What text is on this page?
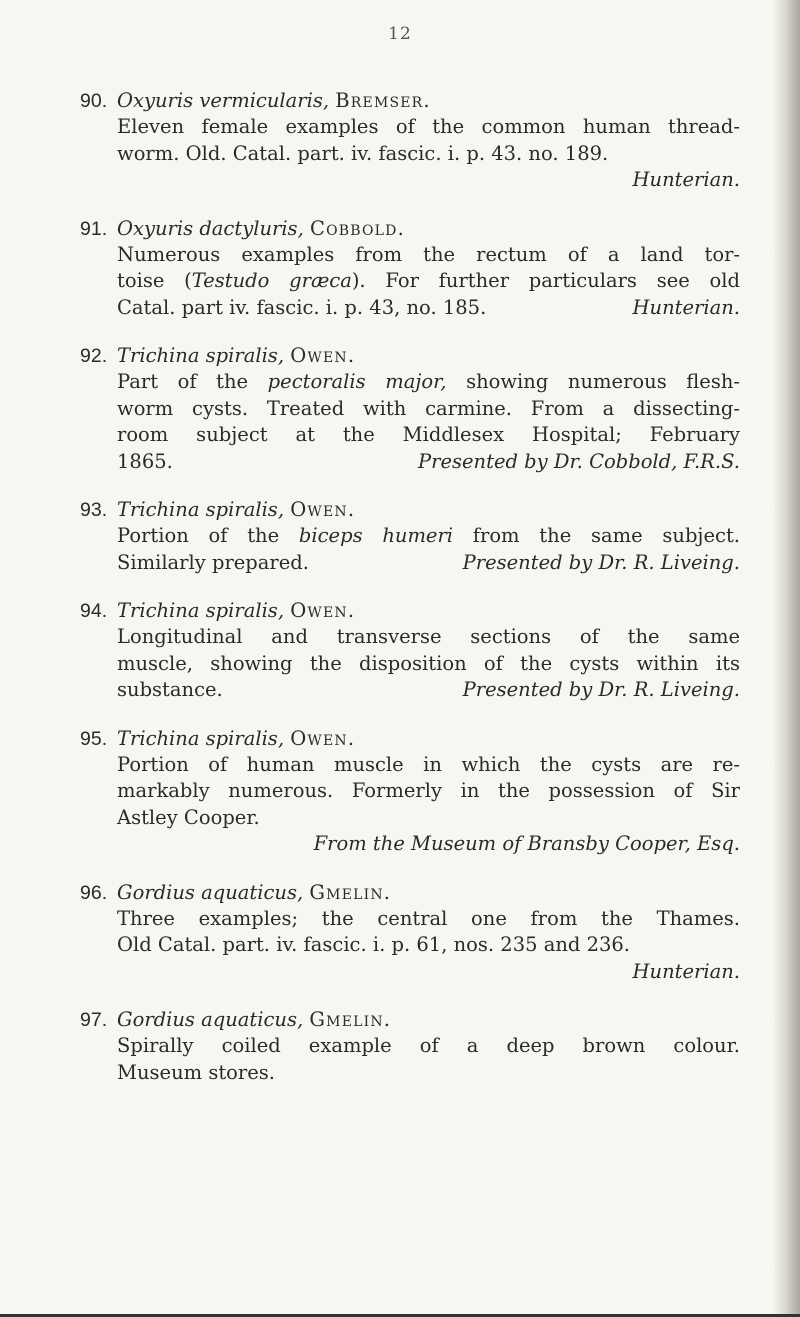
12
90. Oxyuris vermicularis, Bremser.
Eleven female examples of the common human thread-
worm. Old. Catal. part. iv. fascic. i. p. 43. no. 189.
Hunterian.
91. Oxyuris dactyluris, Cobbold.
Numerous examples from the rectum of a land tor-
toise (Testudo græca). For further particulars see old
Catal. part iv. fascic. i. p. 43, no. 185.	Hunterian.
92. Trichina spiralis, Owen.
Part of the pectoralis major, showing numerous flesh-
worm cysts. Treated with carmine. From a dissecting-
room subject at the Middlesex Hospital; February
1865.	Presented by Dr. Cobbold, F.R.S.
93. Trichina spiralis, Owen.
Portion of the biceps humeri from the same subject.
Similarly prepared.	Presented by Dr. R. Liveing.
94. Trichina spiralis, Owen.
Longitudinal and transverse sections of the same
muscle, showing the disposition of the cysts within its
substance.	Presented by Dr. R. Liveing.
95. Trichina spiralis, Owen.
Portion of human muscle in which the cysts are re-
markably numerous. Formerly in the possession of Sir
Astley Cooper.
From the Museum of Bransby Cooper, Esq.
96. Gordius aquaticus, Gmelin.
Three examples; the central one from the Thames.
Old Catal. part. iv. fascic. i. p. 61, nos. 235 and 236.
Hunterian.
97. Gordius aquaticus, Gmelin.
Spirally coiled example of a deep brown colour.
Museum stores.
